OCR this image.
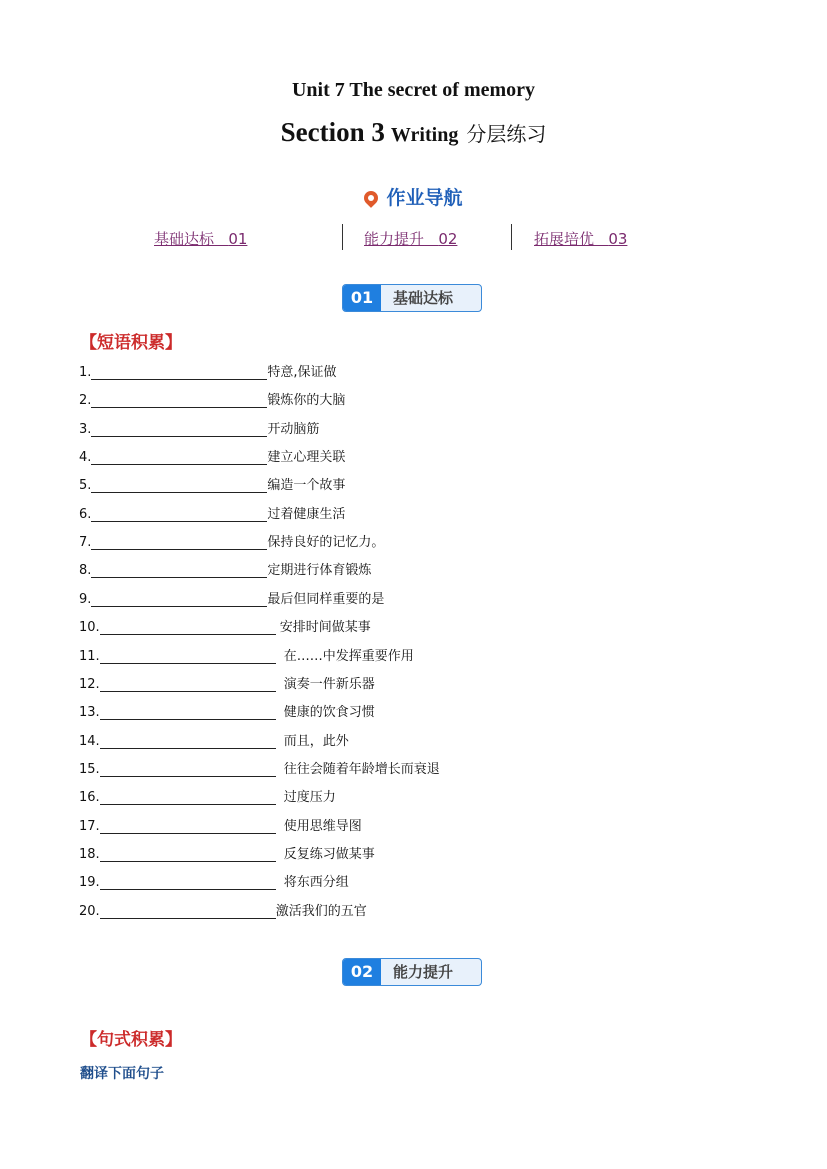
Unit 7 The secret of memory
Section 3 Writing 分层练习
作业导航
基础达标 01	能力提升 02	拓展培优 03
01	基础达标
【短语积累】
1.	特意,保证做
2.	锻炼你的大脑
3.	开动脑筋
4.	建立心理关联
5.	编造一个故事
6.	过着健康生活
7.	保持良好的记忆力。
8.	定期进行体育锻炼
9.	最后但同样重要的是
10.	安排时间做某事
11.	在……中发挥重要作用
12.	演奏一件新乐器
13.	健康的饮食习惯
14.	而且，此外
15.	往往会随着年龄增长而衰退
16.	过度压力
17.	使用思维导图
18.	反复练习做某事
19.	将东西分组
20.	激活我们的五官
02	能力提升
【句式积累】
翻译下面句子
